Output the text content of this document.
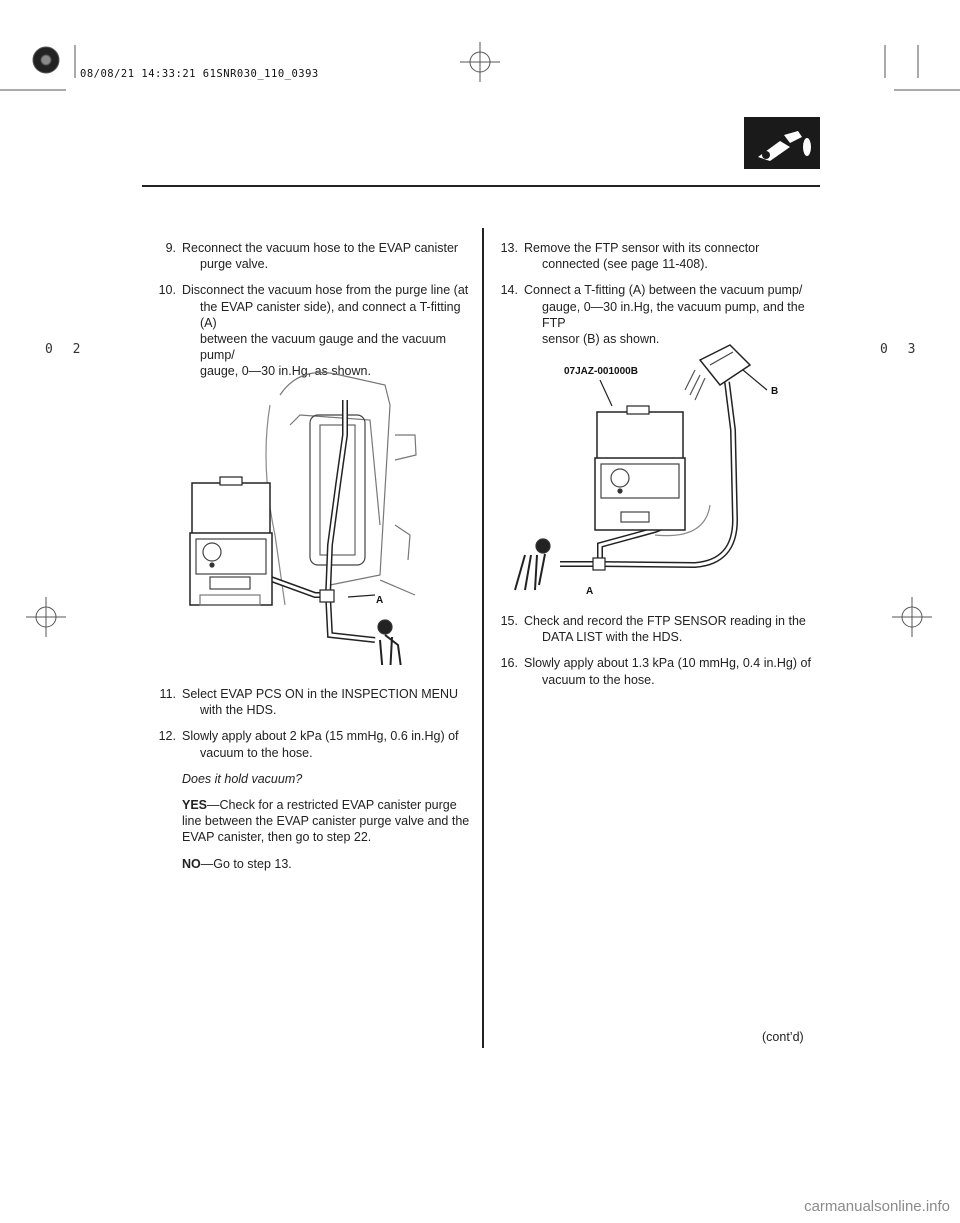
08/08/21 14:33:21 61SNR030_110_0393
0 2	0 3
9. Reconnect the vacuum hose to the EVAP canister
purge valve.
10. Disconnect the vacuum hose from the purge line (at
the EVAP canister side), and connect a T-fitting (A)
between the vacuum gauge and the vacuum pump/
gauge, 0—30 in.Hg, as shown.
A
11. Select EVAP PCS ON in the INSPECTION MENU
with the HDS.
12. Slowly apply about 2 kPa (15 mmHg, 0.6 in.Hg) of
vacuum to the hose.
Does it hold vacuum?
YES—Check for a restricted EVAP canister purge
line between the EVAP canister purge valve and the
EVAP canister, then go to step 22.
NO—Go to step 13.
13. Remove the FTP sensor with its connector
connected (see page 11-408).
14. Connect a T-fitting (A) between the vacuum pump/
gauge, 0—30 in.Hg, the vacuum pump, and the FTP
sensor (B) as shown.
07JAZ-001000B
B
A
15. Check and record the FTP SENSOR reading in the
DATA LIST with the HDS.
16. Slowly apply about 1.3 kPa (10 mmHg, 0.4 in.Hg) of
vacuum to the hose.
(cont’d)
carmanualsonline.info
